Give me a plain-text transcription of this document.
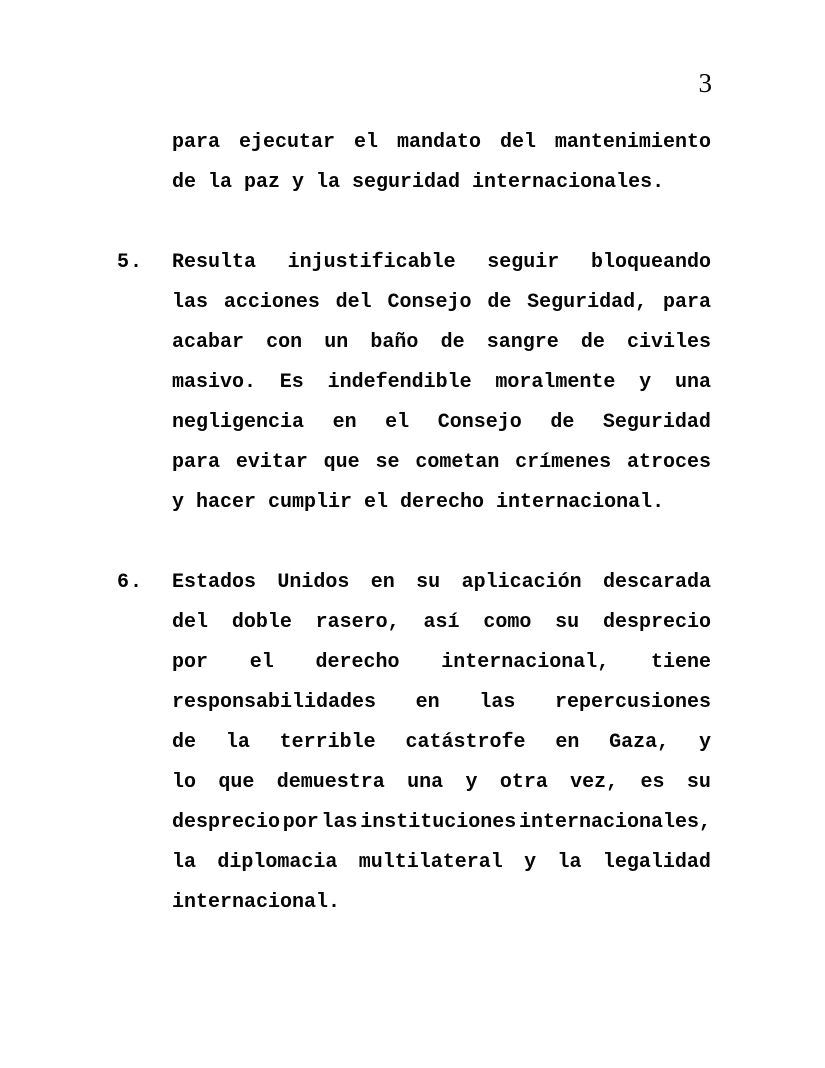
3
para ejecutar el mandato del mantenimiento
de la paz y la seguridad internacionales.
5.	Resulta injustificable seguir bloqueando
las acciones del Consejo de Seguridad, para
acabar con un baño de sangre de civiles
masivo. Es indefendible moralmente y una
negligencia en el Consejo de Seguridad
para evitar que se cometan crímenes atroces
y hacer cumplir el derecho internacional.
6.	Estados Unidos en su aplicación descarada
del doble rasero, así como su desprecio
por el derecho internacional, tiene
responsabilidades en las repercusiones
de la terrible catástrofe en Gaza, y
lo que demuestra una y otra vez, es su
desprecio por las instituciones internacionales,
la diplomacia multilateral y la legalidad
internacional.
